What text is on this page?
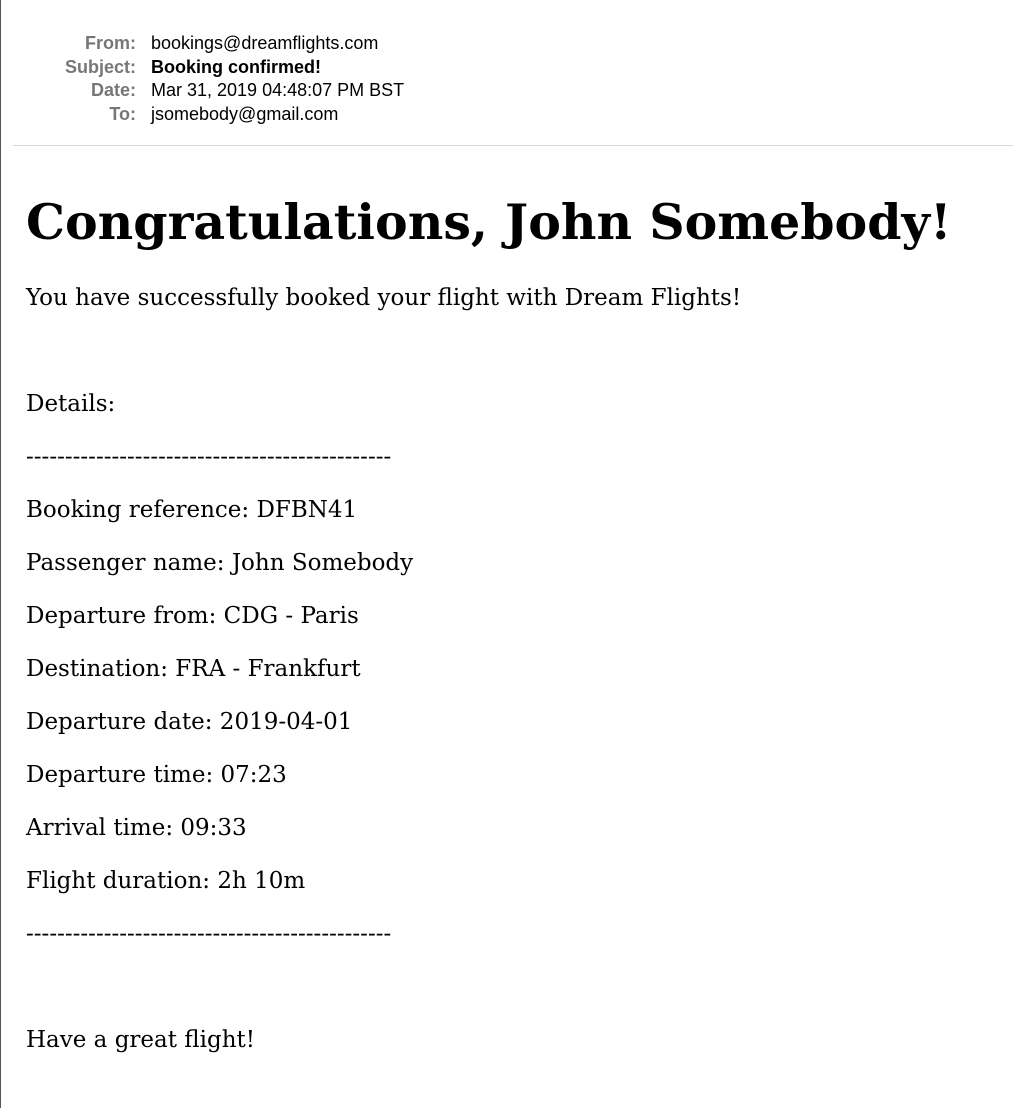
From: bookings@dreamflights.com
Subject: Booking confirmed!
Date: Mar 31, 2019 04:48:07 PM BST
To: jsomebody@gmail.com
Congratulations, John Somebody!
You have successfully booked your flight with Dream Flights!
Details:
-----------------------------------------------
Booking reference: DFBN41
Passenger name: John Somebody
Departure from: CDG - Paris
Destination: FRA - Frankfurt
Departure date: 2019-04-01
Departure time: 07:23
Arrival time: 09:33
Flight duration: 2h 10m
-----------------------------------------------
Have a great flight!
